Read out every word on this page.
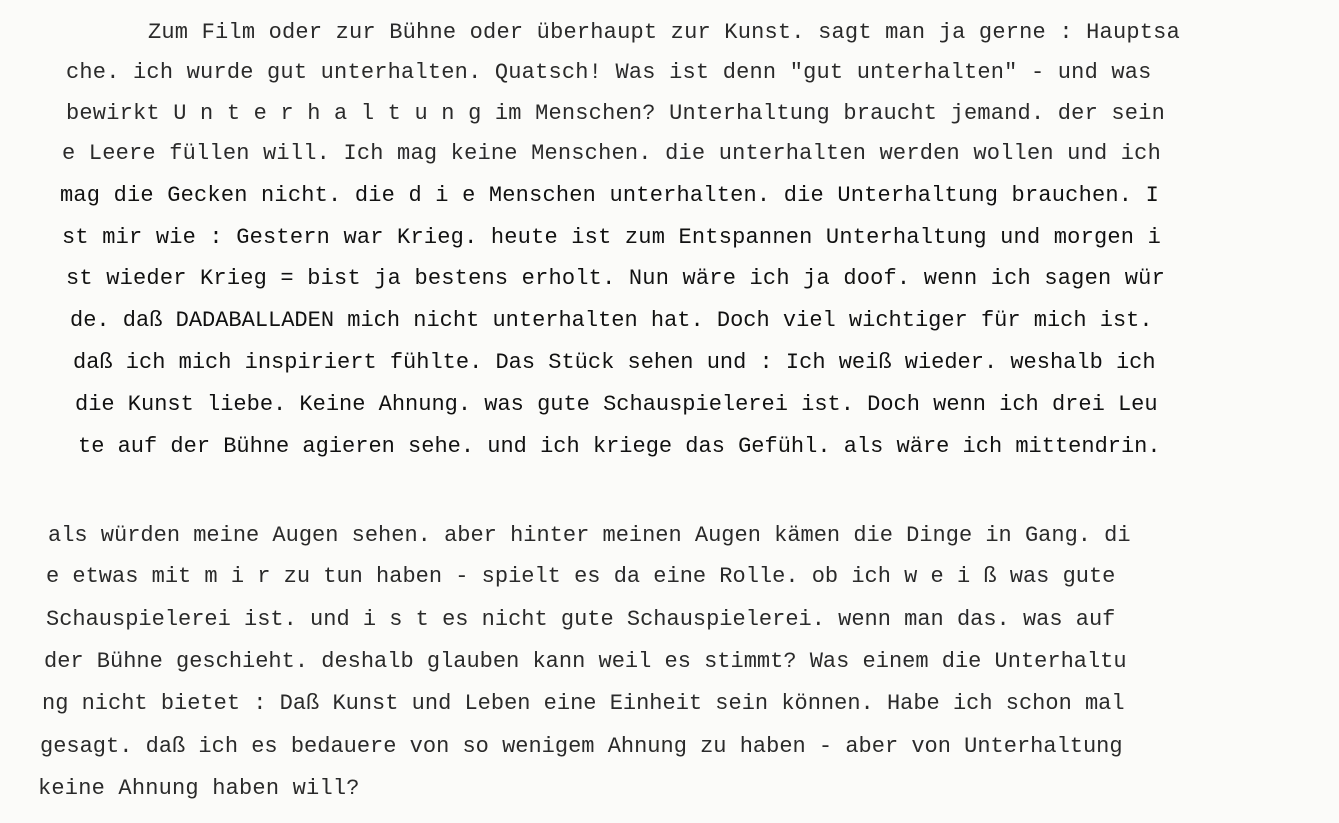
Zum Film oder zur Bühne oder überhaupt zur Kunst. sagt man ja gerne : Hauptsa
che. ich wurde gut unterhalten. Quatsch! Was ist denn "gut unterhalten" - und was
bewirkt U n t e r h a l t u n g im Menschen? Unterhaltung braucht jemand. der sein
e Leere füllen will. Ich mag keine Menschen. die unterhalten werden wollen und ich
mag die Gecken nicht. die d i e Menschen unterhalten. die Unterhaltung brauchen. I
st mir wie : Gestern war Krieg. heute ist zum Entspannen Unterhaltung und morgen i
st wieder Krieg = bist ja bestens erholt. Nun wäre ich ja doof. wenn ich sagen wür
de. daß DADABALLADEN mich nicht unterhalten hat. Doch viel wichtiger für mich ist.
daß ich mich inspiriert fühlte. Das Stück sehen und : Ich weiß wieder. weshalb ich
die Kunst liebe. Keine Ahnung. was gute Schauspielerei ist. Doch wenn ich drei Leu
te auf der Bühne agieren sehe. und ich kriege das Gefühl. als wäre ich mittendrin.
als würden meine Augen sehen. aber hinter meinen Augen kämen die Dinge in Gang. di
e etwas mit m i r zu tun haben - spielt es da eine Rolle. ob ich w e i ß was gute
Schauspielerei ist. und i s t es nicht gute Schauspielerei. wenn man das. was auf
der Bühne geschieht. deshalb glauben kann weil es stimmt? Was einem die Unterhaltu
ng nicht bietet : Daß Kunst und Leben eine Einheit sein können. Habe ich schon mal
gesagt. daß ich es bedauere von so wenigem Ahnung zu haben - aber von Unterhaltung
keine Ahnung haben will?
